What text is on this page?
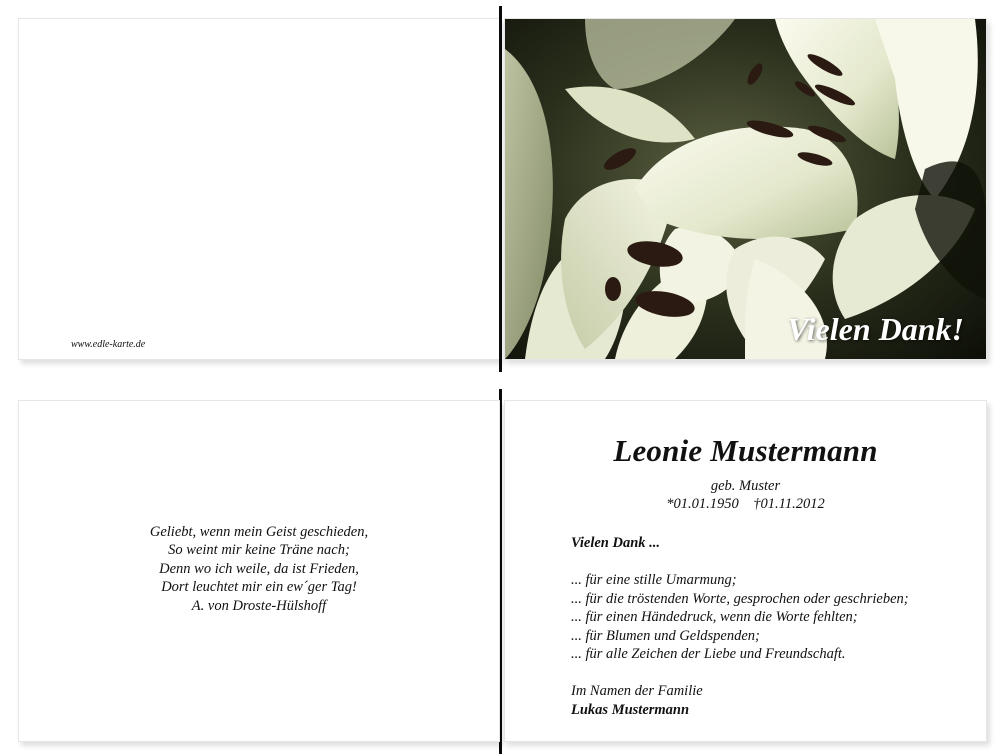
www.edle-karte.de	Vielen Dank!
Geliebt, wenn mein Geist geschieden,
So weint mir keine Träne nach;
Denn wo ich weile, da ist Frieden,
Dort leuchtet mir ein ew´ger Tag!
A. von Droste-Hülshoff
Leonie Mustermann
geb. Muster
*01.01.1950    †01.11.2012
Vielen Dank ...
... für eine stille Umarmung;
... für die tröstenden Worte, gesprochen oder geschrieben;
... für einen Händedruck, wenn die Worte fehlten;
... für Blumen und Geldspenden;
... für alle Zeichen der Liebe und Freundschaft.
Im Namen der Familie
Lukas Mustermann
